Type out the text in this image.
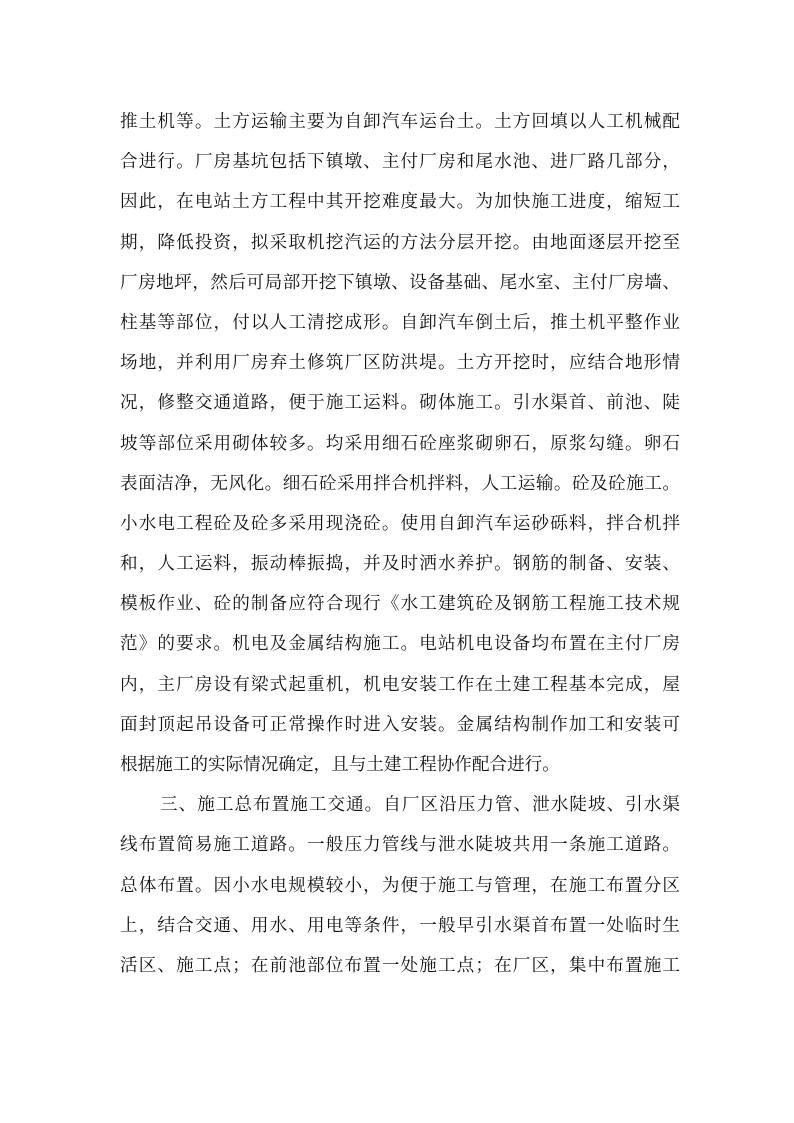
推土机等。土方运输主要为自卸汽车运台土。土方回填以人工机械配
合进行。厂房基坑包括下镇墩、主付厂房和尾水池、进厂路几部分，
因此，在电站土方工程中其开挖难度最大。为加快施工进度，缩短工
期，降低投资，拟采取机挖汽运的方法分层开挖。由地面逐层开挖至
厂房地坪，然后可局部开挖下镇墩、设备基础、尾水室、主付厂房墙、
柱基等部位，付以人工清挖成形。自卸汽车倒土后，推土机平整作业
场地，并利用厂房弃土修筑厂区防洪堤。土方开挖时，应结合地形情
况，修整交通道路，便于施工运料。砌体施工。引水渠首、前池、陡
坡等部位采用砌体较多。均采用细石砼座浆砌卵石，原浆勾缝。卵石
表面洁净，无风化。细石砼采用拌合机拌料，人工运输。砼及砼施工。
小水电工程砼及砼多采用现浇砼。使用自卸汽车运砂砾料，拌合机拌
和，人工运料，振动棒振捣，并及时洒水养护。钢筋的制备、安装、
模板作业、砼的制备应符合现行《水工建筑砼及钢筋工程施工技术规
范》的要求。机电及金属结构施工。电站机电设备均布置在主付厂房
内，主厂房设有梁式起重机，机电安装工作在土建工程基本完成，屋
面封顶起吊设备可正常操作时进入安装。金属结构制作加工和安装可
根据施工的实际情况确定，且与土建工程协作配合进行。
三、施工总布置施工交通。自厂区沿压力管、泄水陡坡、引水渠
线布置简易施工道路。一般压力管线与泄水陡坡共用一条施工道路。
总体布置。因小水电规模较小，为便于施工与管理，在施工布置分区
上，结合交通、用水、用电等条件，一般早引水渠首布置一处临时生
活区、施工点；在前池部位布置一处施工点；在厂区，集中布置施工
